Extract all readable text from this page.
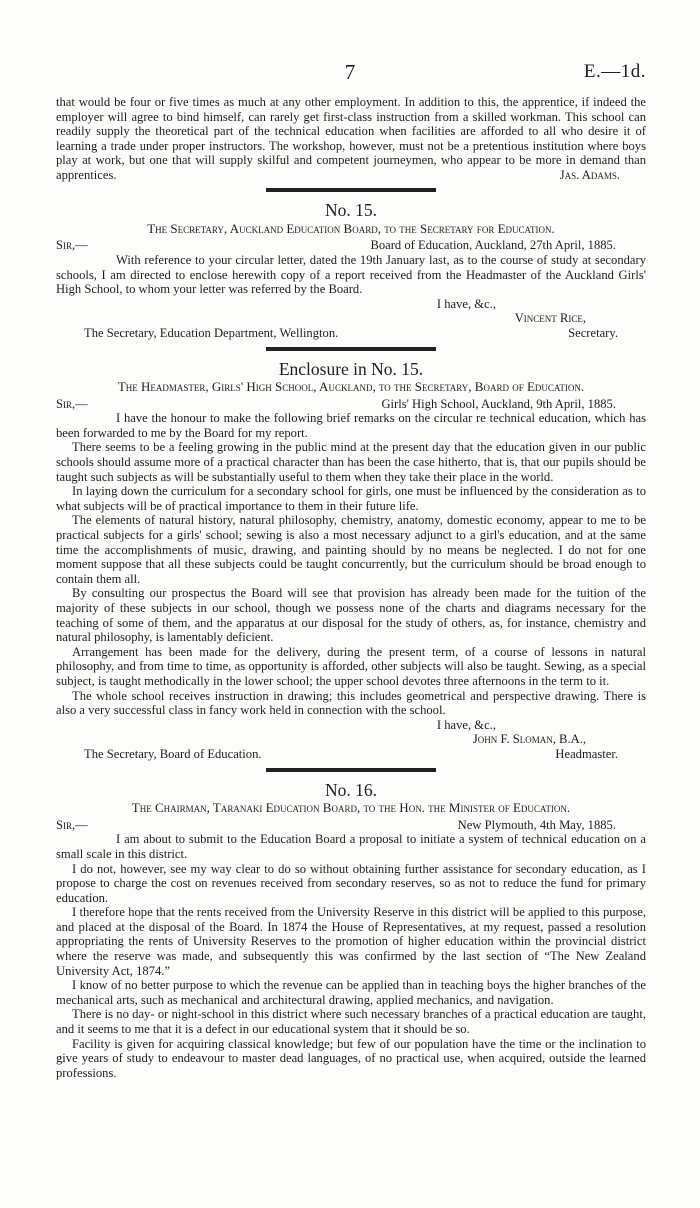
7	E.—1d.

that would be four or five times as much at any other employment. In addition to this, the apprentice, if indeed the employer will agree to bind himself, can rarely get first-class instruction from a skilled workman. This school can readily supply the theoretical part of the technical education when facilities are afforded to all who desire it of learning a trade under proper instructors. The workshop, however, must not be a pretentious institution where boys play at work, but one that will supply skilful and competent journeymen, who appear to be more in demand than apprentices.	Jas. Adams.

No. 15.
The Secretary, Auckland Education Board, to the Secretary for Education.
Sir,—	Board of Education, Auckland, 27th April, 1885.

With reference to your circular letter, dated the 19th January last, as to the course of study at secondary schools, I am directed to enclose herewith copy of a report received from the Headmaster of the Auckland Girls' High School, to whom your letter was referred by the Board.

I have, &c.,

Vincent Rice,

The Secretary, Education Department, Wellington.	Secretary.
Enclosure in No. 15.
The Headmaster, Girls' High School, Auckland, to the Secretary, Board of Education.
Sir,—	Girls' High School, Auckland, 9th April, 1885.

I have the honour to make the following brief remarks on the circular re technical education, which has been forwarded to me by the Board for my report.

There seems to be a feeling growing in the public mind at the present day that the education given in our public schools should assume more of a practical character than has been the case hitherto, that is, that our pupils should be taught such subjects as will be substantially useful to them when they take their place in the world.

In laying down the curriculum for a secondary school for girls, one must be influenced by the consideration as to what subjects will be of practical importance to them in their future life.

The elements of natural history, natural philosophy, chemistry, anatomy, domestic economy, appear to me to be practical subjects for a girls' school; sewing is also a most necessary adjunct to a girl's education, and at the same time the accomplishments of music, drawing, and painting should by no means be neglected. I do not for one moment suppose that all these subjects could be taught concurrently, but the curriculum should be broad enough to contain them all.

By consulting our prospectus the Board will see that provision has already been made for the tuition of the majority of these subjects in our school, though we possess none of the charts and diagrams necessary for the teaching of some of them, and the apparatus at our disposal for the study of others, as, for instance, chemistry and natural philosophy, is lamentably deficient.

Arrangement has been made for the delivery, during the present term, of a course of lessons in natural philosophy, and from time to time, as opportunity is afforded, other subjects will also be taught. Sewing, as a special subject, is taught methodically in the lower school; the upper school devotes three afternoons in the term to it.

The whole school receives instruction in drawing; this includes geometrical and perspective drawing. There is also a very successful class in fancy work held in connection with the school.

I have, &c.,

John F. Sloman, B.A.,

The Secretary, Board of Education.	Headmaster.
No. 16.
The Chairman, Taranaki Education Board, to the Hon. the Minister of Education.
Sir,—	New Plymouth, 4th May, 1885.

I am about to submit to the Education Board a proposal to initiate a system of technical education on a small scale in this district.

I do not, however, see my way clear to do so without obtaining further assistance for secondary education, as I propose to charge the cost on revenues received from secondary reserves, so as not to reduce the fund for primary education.

I therefore hope that the rents received from the University Reserve in this district will be applied to this purpose, and placed at the disposal of the Board. In 1874 the House of Representatives, at my request, passed a resolution appropriating the rents of University Reserves to the promotion of higher education within the provincial district where the reserve was made, and subsequently this was confirmed by the last section of “The New Zealand University Act, 1874.”

I know of no better purpose to which the revenue can be applied than in teaching boys the higher branches of the mechanical arts, such as mechanical and architectural drawing, applied mechanics, and navigation.

There is no day- or night-school in this district where such necessary branches of a practical education are taught, and it seems to me that it is a defect in our educational system that it should be so.

Facility is given for acquiring classical knowledge; but few of our population have the time or the inclination to give years of study to endeavour to master dead languages, of no practical use, when acquired, outside the learned professions.
